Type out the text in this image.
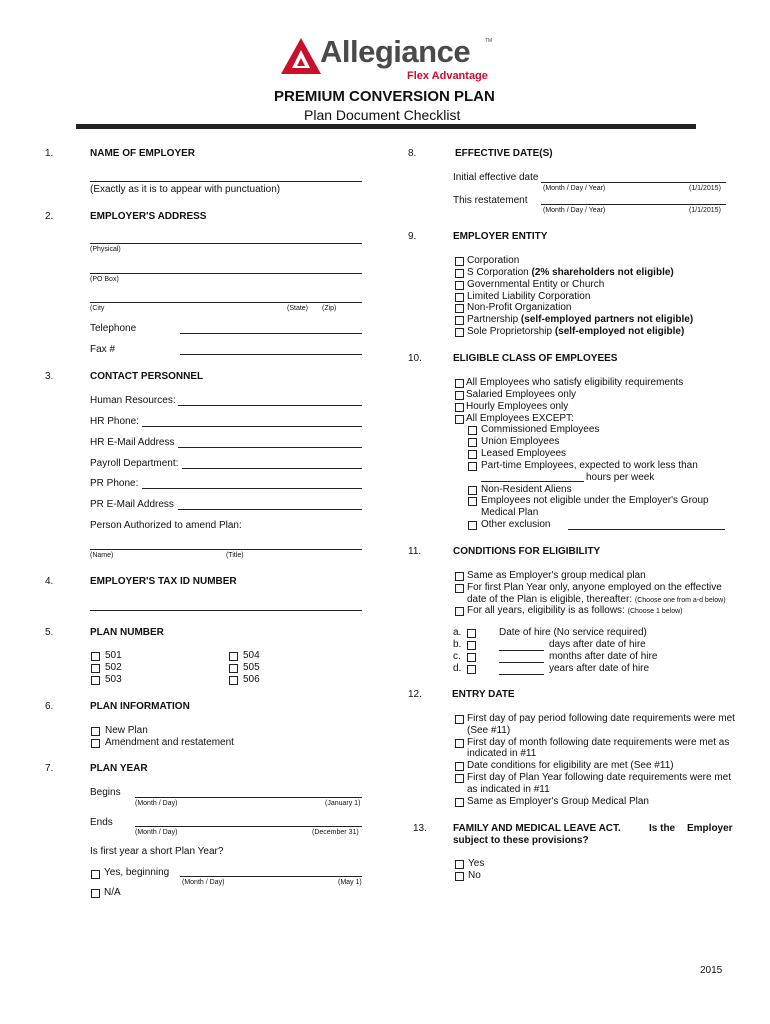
Allegiance	TM
Flex Advantage
PREMIUM CONVERSION PLAN
Plan Document Checklist
1.	NAME OF EMPLOYER
(Exactly as it is to appear with punctuation)
2.	EMPLOYER'S ADDRESS
(Physical)
(PO Box)
(City	(State) (Zip)
Telephone
Fax #
3.	CONTACT PERSONNEL
Human Resources:
HR Phone:
HR E-Mail Address
Payroll Department:
PR Phone:
PR E-Mail Address
Person Authorized to amend Plan:
(Name)	(Title)
4.	EMPLOYER'S TAX ID NUMBER
5.	PLAN NUMBER
501
502
503
504
505
506
6.	PLAN INFORMATION
New Plan
Amendment and restatement
7.	PLAN YEAR
Begins
(Month / Day)	(January 1)
Ends
(Month / Day)	(December 31)
Is first year a short Plan Year?
Yes, beginning
(Month / Day)	(May 1)
N/A
8.	EFFECTIVE DATE(S)
Initial effective date
(Month / Day / Year)	(1/1/2015)
This restatement
(Month / Day / Year)	(1/1/2015)
9.	EMPLOYER ENTITY
Corporation
S Corporation (2% shareholders not eligible)
Governmental Entity or Church
Limited Liability Corporation
Non-Profit Organization
Partnership (self-employed partners not eligible)
Sole Proprietorship (self-employed not eligible)
10.	ELIGIBLE CLASS OF EMPLOYEES
All Employees who satisfy eligibility requirements
Salaried Employees only
Hourly Employees only
All Employees EXCEPT:
Commissioned Employees
Union Employees
Leased Employees
Part-time Employees, expected to work less than
hours per week
Non-Resident Aliens
Employees not eligible under the Employer's Group
Medical Plan
Other exclusion
11.	CONDITIONS FOR ELIGIBILITY
Same as Employer's group medical plan
For first Plan Year only, anyone employed on the effective
date of the Plan is eligible, thereafter: (Choose one from a-d below)
For all years, eligibility is as follows: (Choose 1 below)
a.	Date of hire (No service required)
b.	days after date of hire
c.	months after date of hire
d.	years after date of hire
12.	ENTRY DATE
First day of pay period following date requirements were met
(See #11)
First day of month following date requirements were met as
indicated in #11
Date conditions for eligibility are met (See #11)
First day of Plan Year following date requirements were met
as indicated in #11
Same as Employer's Group Medical Plan
13.	FAMILY AND MEDICAL LEAVE ACT.	Is the Employer
subject to these provisions?
Yes
No
2015
